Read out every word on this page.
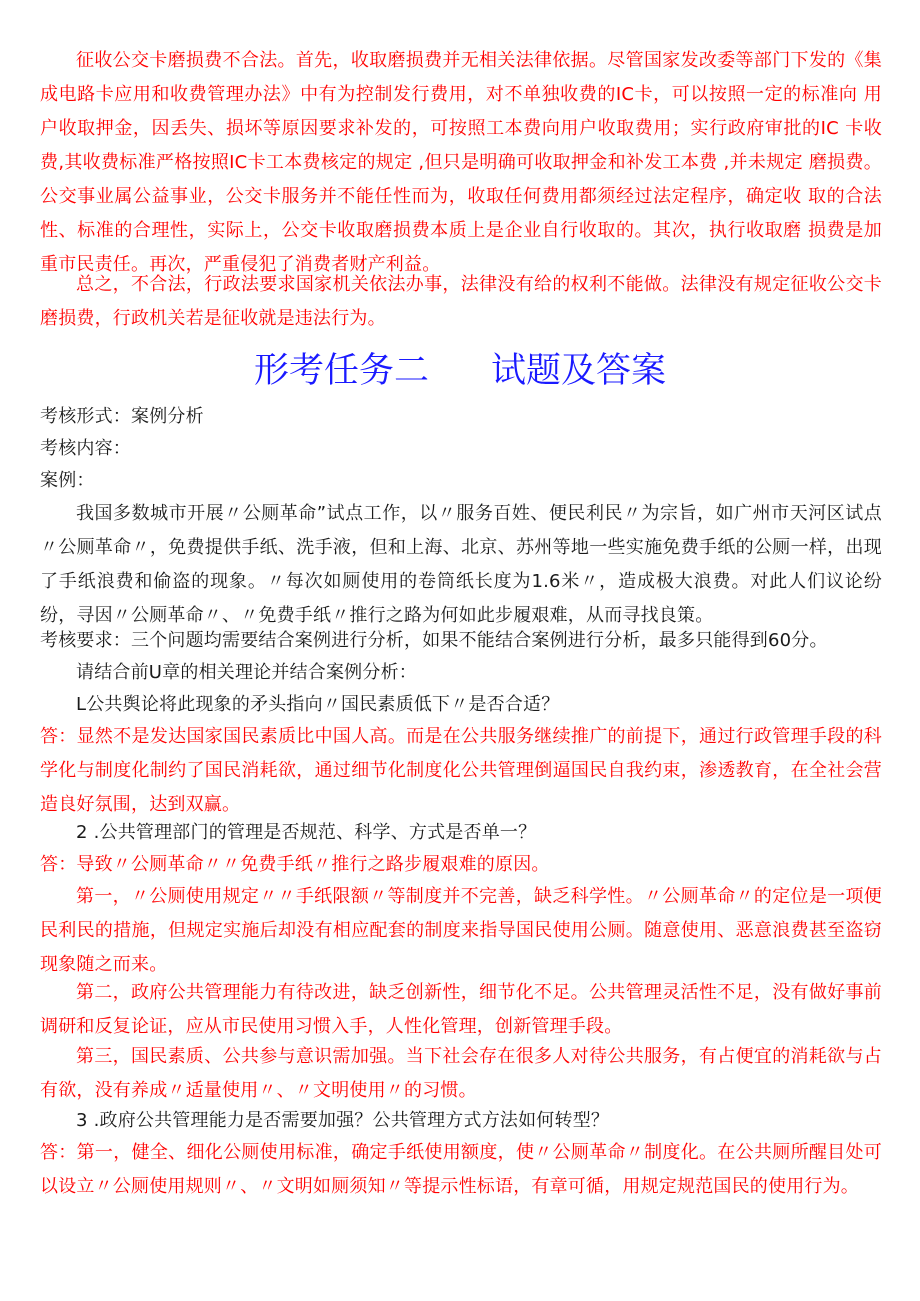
征收公交卡磨损费不合法。首先，收取磨损费并无相关法律依据。尽管国家发改委等部门下发的《集成电路卡应用和收费管理办法》中有为控制发行费用，对不单独收费的IC卡，可以按照一定的标准向 用户收取押金，因丢失、损坏等原因要求补发的，可按照工本费向用户收取费用；实行政府审批的IC 卡收费,其收费标准严格按照IC卡工本费核定的规定 ,但只是明确可收取押金和补发工本费 ,并未规定 磨损费。公交事业属公益事业，公交卡服务并不能任性而为，收取任何费用都须经过法定程序，确定收 取的合法性、标准的合理性，实际上，公交卡收取磨损费本质上是企业自行收取的。其次，执行收取磨 损费是加重市民责任。再次，严重侵犯了消费者财产利益。

总之，不合法，行政法要求国家机关依法办事，法律没有给的权利不能做。法律没有规定征收公交卡磨损费，行政机关若是征收就是违法行为。

形考任务二 试题及答案

考核形式：案例分析

考核内容：

案例：

我国多数城市开展〃公厕革命”试点工作，以〃服务百姓、便民利民〃为宗旨，如广州市天河区试点〃公厕革命〃，免费提供手纸、洗手液，但和上海、北京、苏州等地一些实施免费手纸的公厕一样，出现了手纸浪费和偷盗的现象。〃每次如厕使用的卷筒纸长度为1.6米〃，造成极大浪费。对此人们议论纷纷，寻因〃公厕革命〃、〃免费手纸〃推行之路为何如此步履艰难，从而寻找良策。

考核要求：三个问题均需要结合案例进行分析，如果不能结合案例进行分析，最多只能得到60分。

请结合前U章的相关理论并结合案例分析：

L公共舆论将此现象的矛头指向〃国民素质低下〃是否合适？

答：显然不是发达国家国民素质比中国人高。而是在公共服务继续推广的前提下，通过行政管理手段的科学化与制度化制约了国民消耗欲，通过细节化制度化公共管理倒逼国民自我约束，渗透教育，在全社会营造良好氛围，达到双赢。

2 .公共管理部门的管理是否规范、科学、方式是否单一？

答：导致〃公厕革命〃〃免费手纸〃推行之路步履艰难的原因。

第一，〃公厕使用规定〃〃手纸限额〃等制度并不完善，缺乏科学性。〃公厕革命〃的定位是一项便民利民的措施，但规定实施后却没有相应配套的制度来指导国民使用公厕。随意使用、恶意浪费甚至盗窃现象随之而来。

第二，政府公共管理能力有待改进，缺乏创新性，细节化不足。公共管理灵活性不足，没有做好事前调研和反复论证，应从市民使用习惯入手，人性化管理，创新管理手段。

第三，国民素质、公共参与意识需加强。当下社会存在很多人对待公共服务，有占便宜的消耗欲与占有欲，没有养成〃适量使用〃、〃文明使用〃的习惯。

3 .政府公共管理能力是否需要加强？公共管理方式方法如何转型？

答：第一，健全、细化公厕使用标准，确定手纸使用额度，使〃公厕革命〃制度化。在公共厕所醒目处可以设立〃公厕使用规则〃、〃文明如厕须知〃等提示性标语，有章可循，用规定规范国民的使用行为。
